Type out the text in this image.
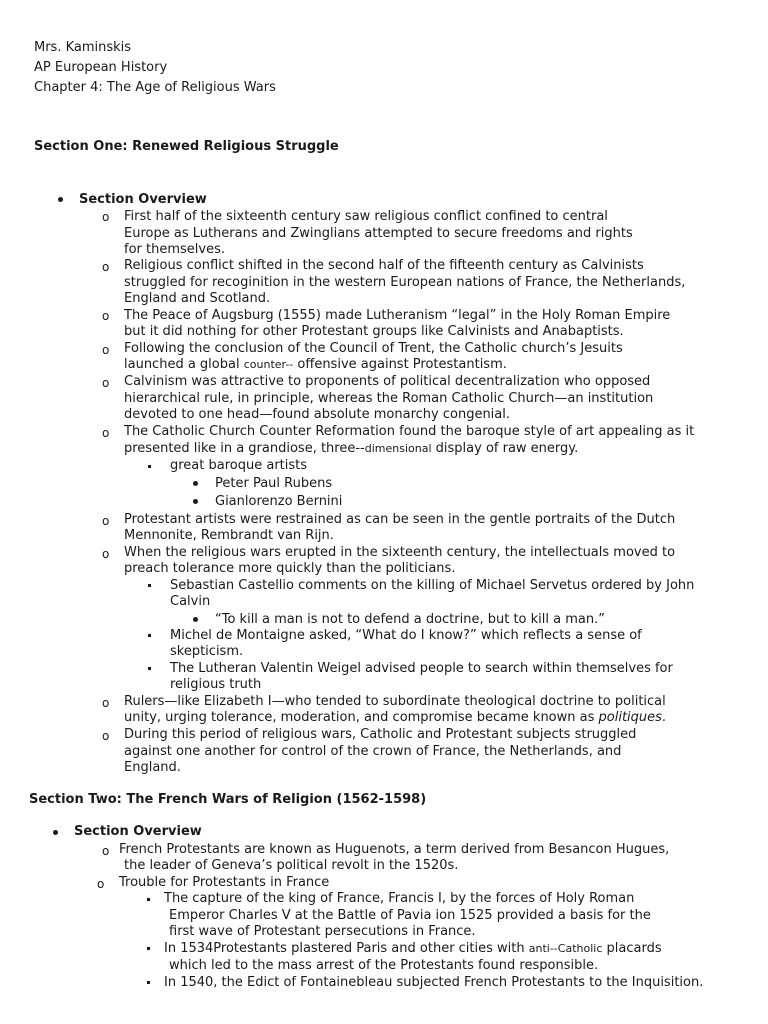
Mrs. Kaminskis
AP European History
Chapter 4: The Age of Religious Wars
Section One: Renewed Religious Struggle
Section Overview
o First half of the sixteenth century saw religious conflict confined to central
Europe as Lutherans and Zwinglians attempted to secure freedoms and rights
for themselves.
o Religious conflict shifted in the second half of the fifteenth century as Calvinists
struggled for recoginition in the western European nations of France, the Netherlands,
England and Scotland.
o The Peace of Augsburg (1555) made Lutheranism “legal” in the Holy Roman Empire
but it did nothing for other Protestant groups like Calvinists and Anabaptists.
o Following the conclusion of the Council of Trent, the Catholic church’s Jesuits
launched a global counter-- offensive against Protestantism.
o Calvinism was attractive to proponents of political decentralization who opposed
hierarchical rule, in principle, whereas the Roman Catholic Church—an institution
devoted to one head—found absolute monarchy congenial.
o The Catholic Church Counter Reformation found the baroque style of art appealing as it
presented like in a grandiose, three--dimensional display of raw energy.
great baroque artists
Peter Paul Rubens
Gianlorenzo Bernini
o Protestant artists were restrained as can be seen in the gentle portraits of the Dutch
Mennonite, Rembrandt van Rijn.
o When the religious wars erupted in the sixteenth century, the intellectuals moved to
preach tolerance more quickly than the politicians.
Sebastian Castellio comments on the killing of Michael Servetus ordered by John
Calvin
“To kill a man is not to defend a doctrine, but to kill a man.”
Michel de Montaigne asked, “What do I know?” which reflects a sense of
skepticism.
The Lutheran Valentin Weigel advised people to search within themselves for
religious truth
o Rulers—like Elizabeth I—who tended to subordinate theological doctrine to political
unity, urging tolerance, moderation, and compromise became known as politiques.
o During this period of religious wars, Catholic and Protestant subjects struggled
against one another for control of the crown of France, the Netherlands, and
England.
Section Two: The French Wars of Religion (1562-1598)
Section Overview
o French Protestants are known as Huguenots, a term derived from Besancon Hugues,
the leader of Geneva’s political revolt in the 1520s.
o Trouble for Protestants in France
The capture of the king of France, Francis I, by the forces of Holy Roman
Emperor Charles V at the Battle of Pavia ion 1525 provided a basis for the
first wave of Protestant persecutions in France.
In 1534Protestants plastered Paris and other cities with anti--Catholic placards
which led to the mass arrest of the Protestants found responsible.
In 1540, the Edict of Fontainebleau subjected French Protestants to the Inquisition.
